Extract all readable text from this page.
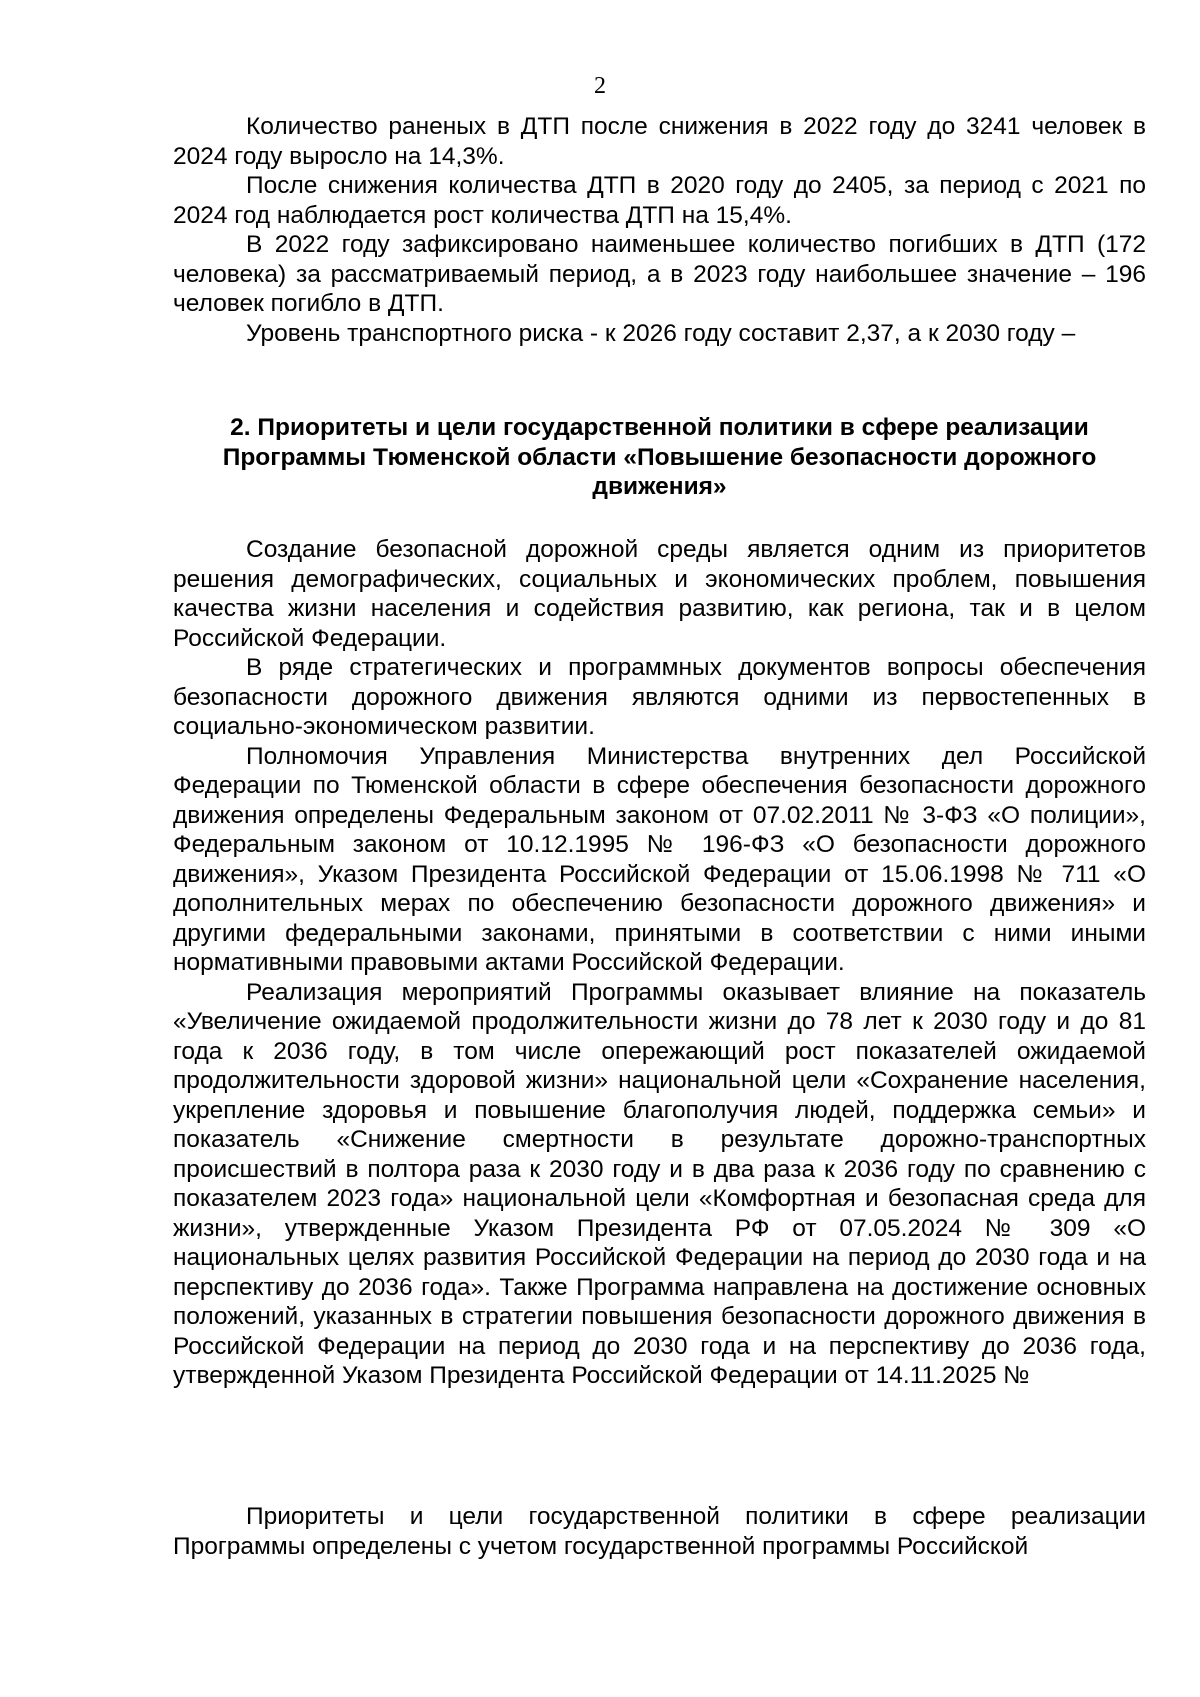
2

Количество раненых в ДТП после снижения в 2022 году до 3241 человек в 2024 году выросло на 14,3%.

После снижения количества ДТП в 2020 году до 2405, за период с 2021 по 2024 год наблюдается рост количества ДТП на 15,4%.

В 2022 году зафиксировано наименьшее количество погибших в ДТП (172 человека) за рассматриваемый период, а в 2023 году наибольшее значение – 196 человек погибло в ДТП.

Уровень транспортного риска - к 2026 году составит 2,37, а к 2030 году –

2. Приоритеты и цели государственной политики в сфере реализации Программы Тюменской области «Повышение безопасности дорожного движения»

Создание безопасной дорожной среды является одним из приоритетов решения демографических, социальных и экономических проблем, повышения качества жизни населения и содействия развитию, как региона, так и в целом Российской Федерации.

В ряде стратегических и программных документов вопросы обеспечения безопасности дорожного движения являются одними из первостепенных в социально-экономическом развитии.

Полномочия Управления Министерства внутренних дел Российской Федерации по Тюменской области в сфере обеспечения безопасности дорожного движения определены Федеральным законом от 07.02.2011 № 3-ФЗ «О полиции», Федеральным законом от 10.12.1995 № 196-ФЗ «О безопасности дорожного движения», Указом Президента Российской Федерации от 15.06.1998 № 711 «О дополнительных мерах по обеспечению безопасности дорожного движения» и другими федеральными законами, принятыми в соответствии с ними иными нормативными правовыми актами Российской Федерации.

Реализация мероприятий Программы оказывает влияние на показатель «Увеличение ожидаемой продолжительности жизни до 78 лет к 2030 году и до 81 года к 2036 году, в том числе опережающий рост показателей ожидаемой продолжительности здоровой жизни» национальной цели «Сохранение населения, укрепление здоровья и повышение благополучия людей, поддержка семьи» и показатель «Снижение смертности в результате дорожно-транспортных происшествий в полтора раза к 2030 году и в два раза к 2036 году по сравнению с показателем 2023 года» национальной цели «Комфортная и безопасная среда для жизни», утвержденные Указом Президента РФ от 07.05.2024 № 309 «О национальных целях развития Российской Федерации на период до 2030 года и на перспективу до 2036 года». Также Программа направлена на достижение основных положений, указанных в стратегии повышения безопасности дорожного движения в Российской Федерации на период до 2030 года и на перспективу до 2036 года, утвержденной Указом Президента Российской Федерации от 14.11.2025 №

Приоритеты и цели государственной политики в сфере реализации Программы определены с учетом государственной программы Российской
